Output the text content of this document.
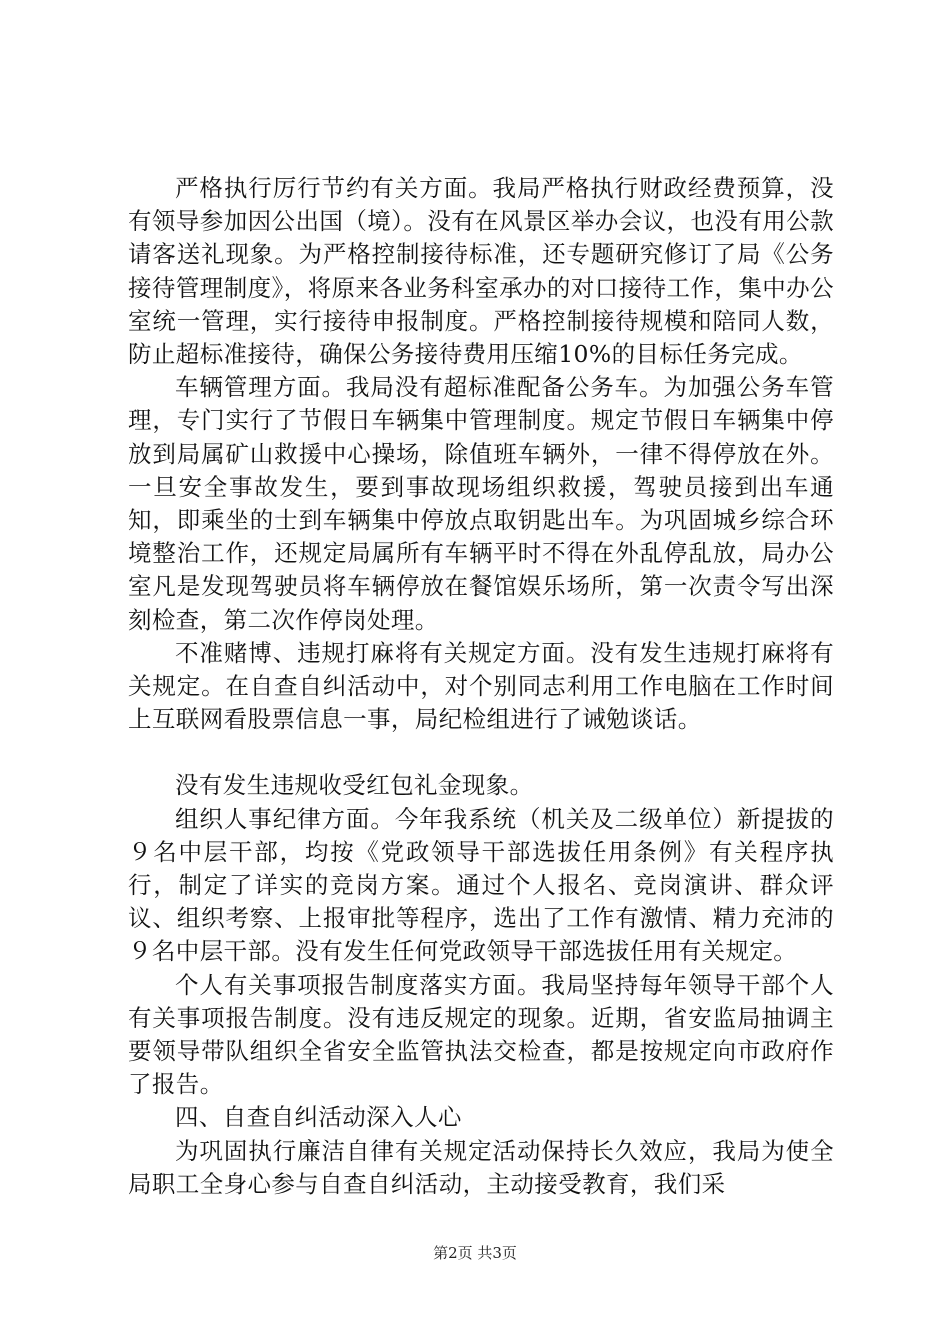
严格执行厉行节约有关方面。我局严格执行财政经费预算，没有领导参加因公出国（境）。没有在风景区举办会议，也没有用公款请客送礼现象。为严格控制接待标准，还专题研究修订了局《公务接待管理制度》，将原来各业务科室承办的对口接待工作，集中办公室统一管理，实行接待申报制度。严格控制接待规模和陪同人数，防止超标准接待，确保公务接待费用压缩10%的目标任务完成。

车辆管理方面。我局没有超标准配备公务车。为加强公务车管理，专门实行了节假日车辆集中管理制度。规定节假日车辆集中停放到局属矿山救援中心操场，除值班车辆外，一律不得停放在外。一旦安全事故发生，要到事故现场组织救援，驾驶员接到出车通知，即乘坐的士到车辆集中停放点取钥匙出车。为巩固城乡综合环境整治工作，还规定局属所有车辆平时不得在外乱停乱放，局办公室凡是发现驾驶员将车辆停放在餐馆娱乐场所，第一次责令写出深刻检查，第二次作停岗处理。

不准赌博、违规打麻将有关规定方面。没有发生违规打麻将有关规定。在自查自纠活动中，对个别同志利用工作电脑在工作时间上互联网看股票信息一事，局纪检组进行了诫勉谈话。

没有发生违规收受红包礼金现象。

组织人事纪律方面。今年我系统（机关及二级单位）新提拔的９名中层干部，均按《党政领导干部选拔任用条例》有关程序执行，制定了详实的竞岗方案。通过个人报名、竞岗演讲、群众评议、组织考察、上报审批等程序，选出了工作有激情、精力充沛的９名中层干部。没有发生任何党政领导干部选拔任用有关规定。

个人有关事项报告制度落实方面。我局坚持每年领导干部个人有关事项报告制度。没有违反规定的现象。近期，省安监局抽调主要领导带队组织全省安全监管执法交检查，都是按规定向市政府作了报告。

四、自查自纠活动深入人心

为巩固执行廉洁自律有关规定活动保持长久效应，我局为使全局职工全身心参与自查自纠活动，主动接受教育，我们采

第2页 共3页
